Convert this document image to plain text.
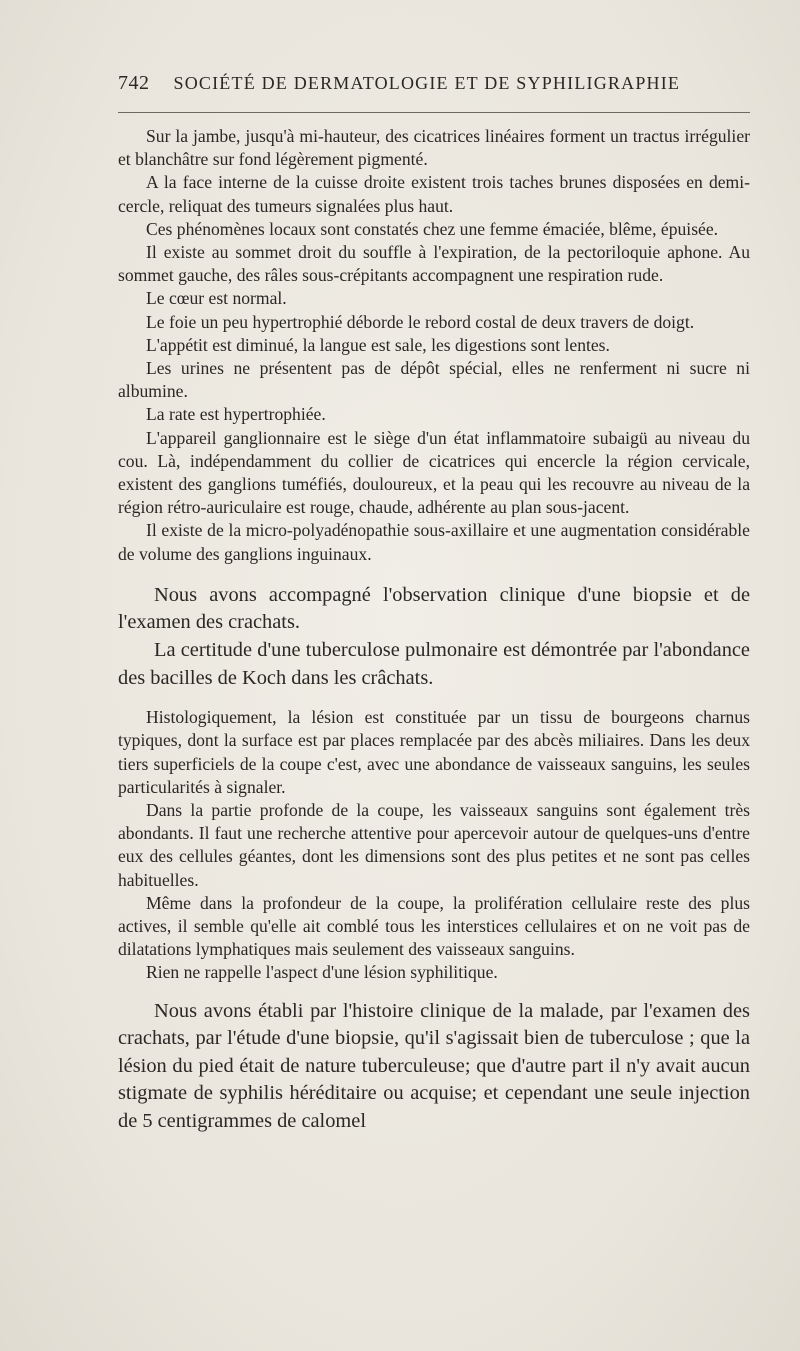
742 SOCIÉTÉ DE DERMATOLOGIE ET DE SYPHILIGRAPHIE

Sur la jambe, jusqu'à mi-hauteur, des cicatrices linéaires forment un tractus irrégulier et blanchâtre sur fond légèrement pigmenté.

A la face interne de la cuisse droite existent trois taches brunes disposées en demi-cercle, reliquat des tumeurs signalées plus haut.

Ces phénomènes locaux sont constatés chez une femme émaciée, blême, épuisée.

Il existe au sommet droit du souffle à l'expiration, de la pectoriloquie aphone. Au sommet gauche, des râles sous-crépitants accompagnent une respiration rude.

Le cœur est normal.

Le foie un peu hypertrophié déborde le rebord costal de deux travers de doigt.

L'appétit est diminué, la langue est sale, les digestions sont lentes.

Les urines ne présentent pas de dépôt spécial, elles ne renferment ni sucre ni albumine.

La rate est hypertrophiée.

L'appareil ganglionnaire est le siège d'un état inflammatoire subaigü au niveau du cou. Là, indépendamment du collier de cicatrices qui encercle la région cervicale, existent des ganglions tuméfiés, douloureux, et la peau qui les recouvre au niveau de la région rétro-auriculaire est rouge, chaude, adhérente au plan sous-jacent.

Il existe de la micro-polyadénopathie sous-axillaire et une augmentation considérable de volume des ganglions inguinaux.

Nous avons accompagné l'observation clinique d'une biopsie et de l'examen des crachats.

La certitude d'une tuberculose pulmonaire est démontrée par l'abondance des bacilles de Koch dans les crâchats.

Histologiquement, la lésion est constituée par un tissu de bourgeons charnus typiques, dont la surface est par places remplacée par des abcès miliaires. Dans les deux tiers superficiels de la coupe c'est, avec une abondance de vaisseaux sanguins, les seules particularités à signaler.

Dans la partie profonde de la coupe, les vaisseaux sanguins sont également très abondants. Il faut une recherche attentive pour apercevoir autour de quelques-uns d'entre eux des cellules géantes, dont les dimensions sont des plus petites et ne sont pas celles habituelles.

Même dans la profondeur de la coupe, la prolifération cellulaire reste des plus actives, il semble qu'elle ait comblé tous les interstices cellulaires et on ne voit pas de dilatations lymphatiques mais seulement des vaisseaux sanguins.

Rien ne rappelle l'aspect d'une lésion syphilitique.

Nous avons établi par l'histoire clinique de la malade, par l'examen des crachats, par l'étude d'une biopsie, qu'il s'agissait bien de tuberculose ; que la lésion du pied était de nature tuberculeuse; que d'autre part il n'y avait aucun stigmate de syphilis héréditaire ou acquise; et cependant une seule injection de 5 centigrammes de calomel
